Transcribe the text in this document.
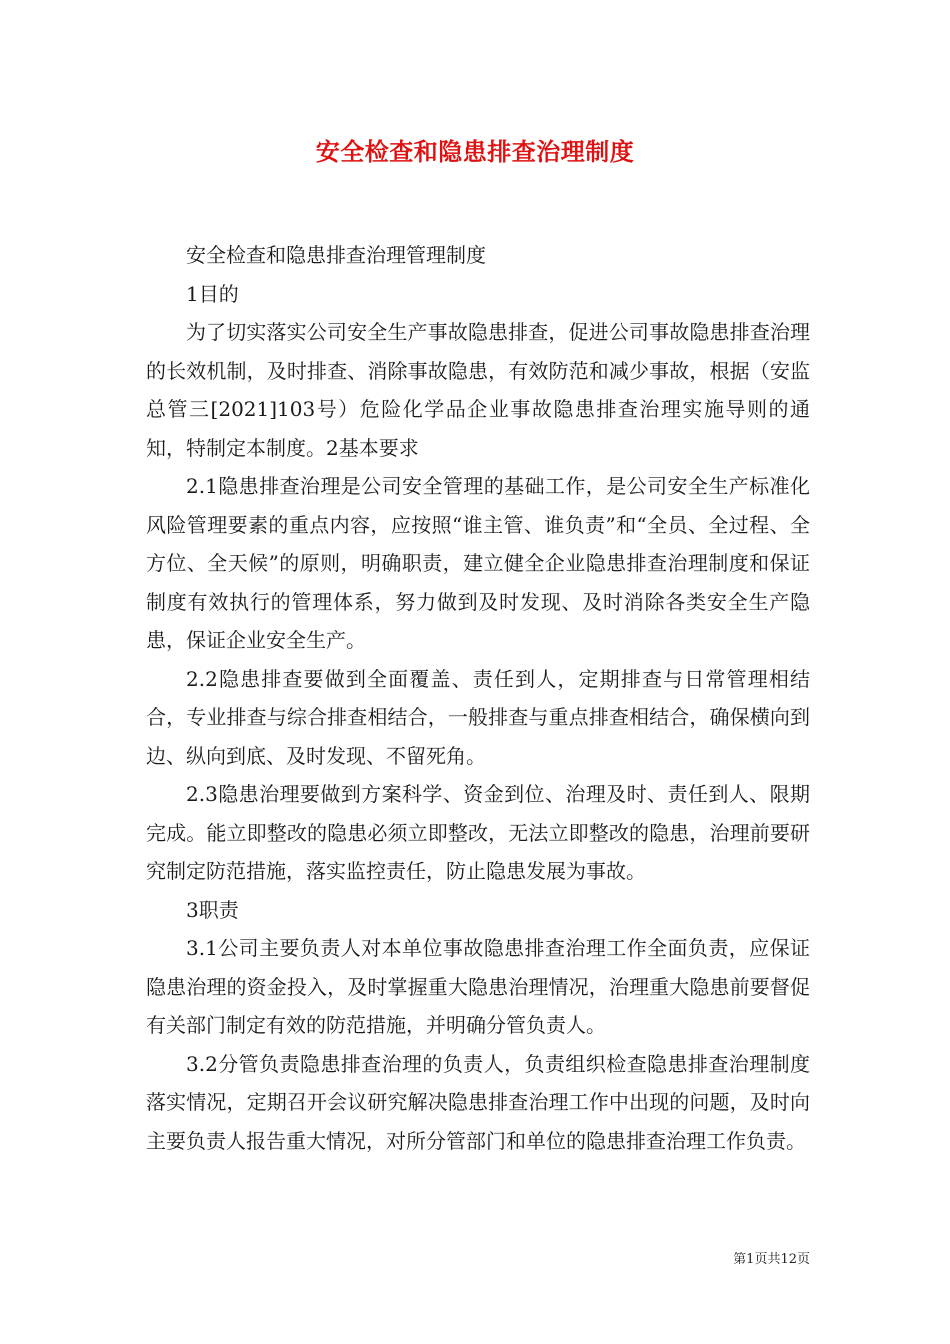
安全检查和隐患排查治理制度

安全检查和隐患排查治理管理制度

1目的

为了切实落实公司安全生产事故隐患排查，促进公司事故隐患排查治理的长效机制，及时排查、消除事故隐患，有效防范和减少事故，根据（安监总管三[2021]103号）危险化学品企业事故隐患排查治理实施导则的通知，特制定本制度。2基本要求

2.1隐患排查治理是公司安全管理的基础工作，是公司安全生产标准化风险管理要素的重点内容，应按照“谁主管、谁负责”和“全员、全过程、全方位、全天候”的原则，明确职责，建立健全企业隐患排查治理制度和保证制度有效执行的管理体系，努力做到及时发现、及时消除各类安全生产隐患，保证企业安全生产。

2.2隐患排查要做到全面覆盖、责任到人，定期排查与日常管理相结合，专业排查与综合排查相结合，一般排查与重点排查相结合，确保横向到边、纵向到底、及时发现、不留死角。

2.3隐患治理要做到方案科学、资金到位、治理及时、责任到人、限期完成。能立即整改的隐患必须立即整改，无法立即整改的隐患，治理前要研究制定防范措施，落实监控责任，防止隐患发展为事故。

3职责

3.1公司主要负责人对本单位事故隐患排查治理工作全面负责，应保证隐患治理的资金投入，及时掌握重大隐患治理情况，治理重大隐患前要督促有关部门制定有效的防范措施，并明确分管负责人。

3.2分管负责隐患排查治理的负责人，负责组织检查隐患排查治理制度落实情况，定期召开会议研究解决隐患排查治理工作中出现的问题，及时向主要负责人报告重大情况，对所分管部门和单位的隐患排查治理工作负责。

第1页共12页
